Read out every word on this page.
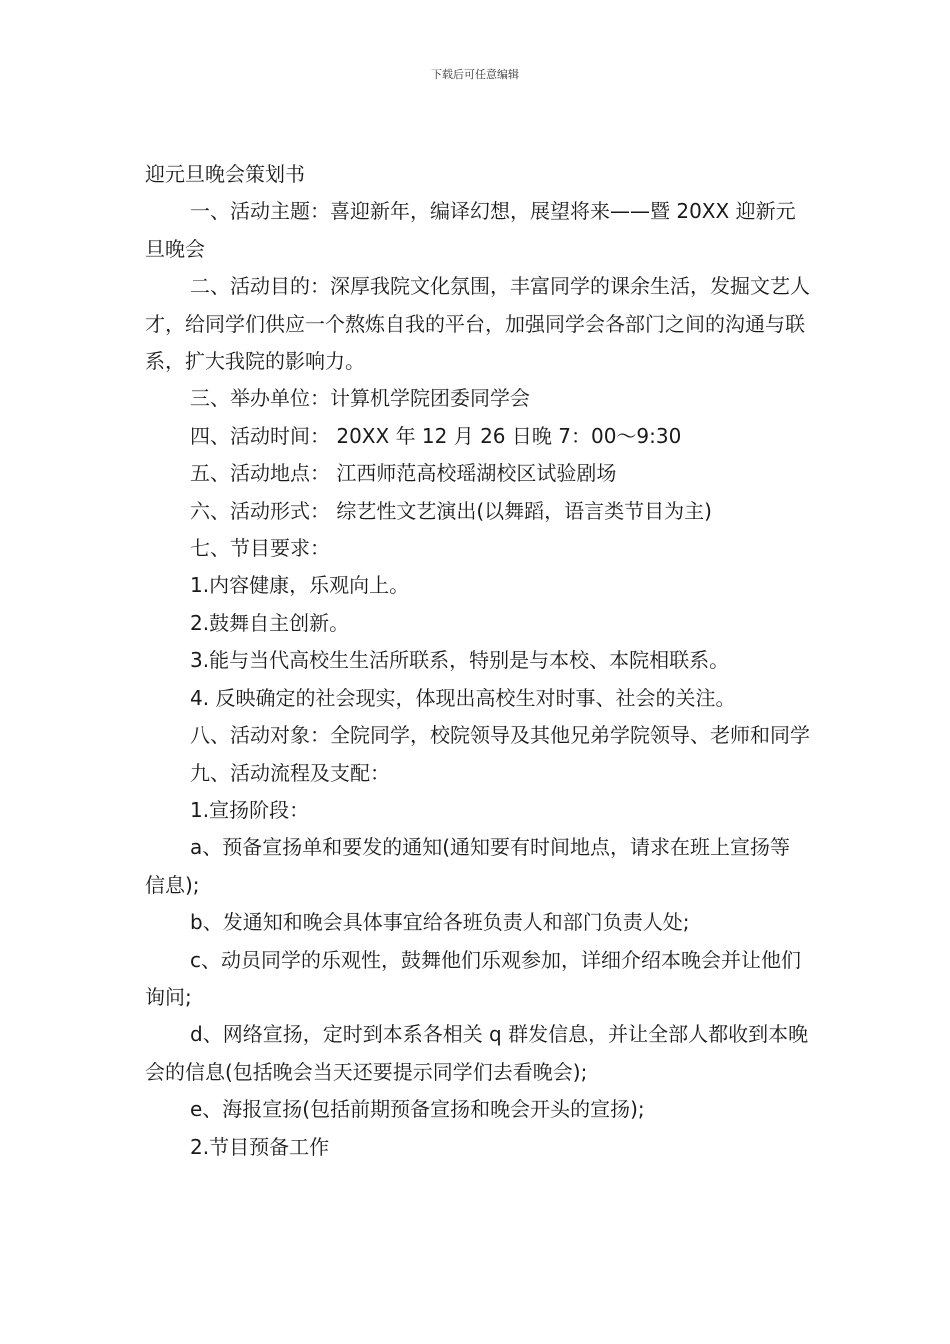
下载后可任意编辑

迎元旦晚会策划书

一、活动主题：喜迎新年，编译幻想，展望将来——暨 20XX 迎新元旦晚会

二、活动目的：深厚我院文化氛围，丰富同学的课余生活，发掘文艺人才，给同学们供应一个熬炼自我的平台，加强同学会各部门之间的沟通与联系，扩大我院的影响力。

三、举办单位：计算机学院团委同学会

四、活动时间： 20XX 年 12 月 26 日晚 7：00～9:30

五、活动地点： 江西师范高校瑶湖校区试验剧场

六、活动形式： 综艺性文艺演出(以舞蹈，语言类节目为主)

七、节目要求：

1.内容健康，乐观向上。

2.鼓舞自主创新。

3.能与当代高校生生活所联系，特别是与本校、本院相联系。

4. 反映确定的社会现实，体现出高校生对时事、社会的关注。

八、活动对象：全院同学，校院领导及其他兄弟学院领导、老师和同学

九、活动流程及支配：

1.宣扬阶段：

a、预备宣扬单和要发的通知(通知要有时间地点，请求在班上宣扬等信息);

b、发通知和晚会具体事宜给各班负责人和部门负责人处;

c、动员同学的乐观性，鼓舞他们乐观参加，详细介绍本晚会并让他们询问;

d、网络宣扬，定时到本系各相关 q 群发信息，并让全部人都收到本晚会的信息(包括晚会当天还要提示同学们去看晚会);

e、海报宣扬(包括前期预备宣扬和晚会开头的宣扬);

2.节目预备工作
